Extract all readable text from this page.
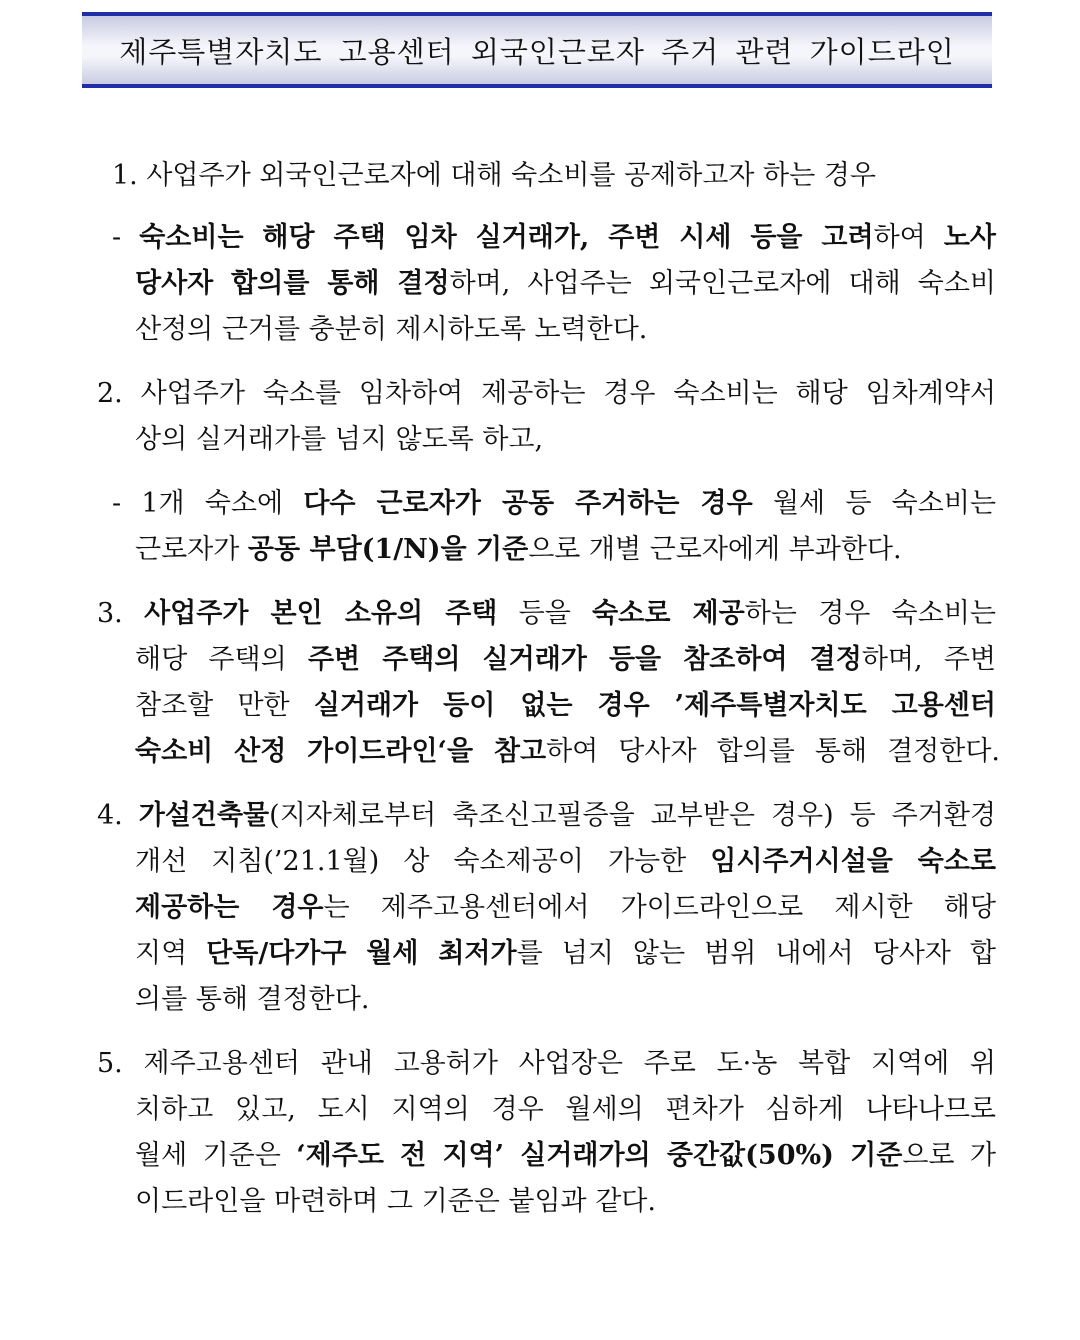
제주특별자치도 고용센터 외국인근로자 주거 관련 가이드라인
1. 사업주가 외국인근로자에 대해 숙소비를 공제하고자 하는 경우
- 숙소비는 해당 주택 임차 실거래가, 주변 시세 등을 고려하여 노사
당사자 합의를 통해 결정하며, 사업주는 외국인근로자에 대해 숙소비
산정의 근거를 충분히 제시하도록 노력한다.
2. 사업주가 숙소를 임차하여 제공하는 경우 숙소비는 해당 임차계약서
상의 실거래가를 넘지 않도록 하고,
- 1개 숙소에 다수 근로자가 공동 주거하는 경우 월세 등 숙소비는
근로자가 공동 부담(1/N)을 기준으로 개별 근로자에게 부과한다.
3. 사업주가 본인 소유의 주택 등을 숙소로 제공하는 경우 숙소비는
해당 주택의 주변 주택의 실거래가 등을 참조하여 결정하며, 주변
참조할 만한 실거래가 등이 없는 경우 ’제주특별자치도 고용센터
숙소비 산정 가이드라인‘을 참고하여 당사자 합의를 통해 결정한다.
4. 가설건축물(지자체로부터 축조신고필증을 교부받은 경우) 등 주거환경
개선 지침(’21.1월) 상 숙소제공이 가능한 임시주거시설을 숙소로
제공하는 경우는 제주고용센터에서 가이드라인으로 제시한 해당
지역 단독/다가구 월세 최저가를 넘지 않는 범위 내에서 당사자 합
의를 통해 결정한다.
5. 제주고용센터 관내 고용허가 사업장은 주로 도·농 복합 지역에 위
치하고 있고, 도시 지역의 경우 월세의 편차가 심하게 나타나므로
월세 기준은 ‘제주도 전 지역’ 실거래가의 중간값(50%) 기준으로 가
이드라인을 마련하며 그 기준은 붙임과 같다.
